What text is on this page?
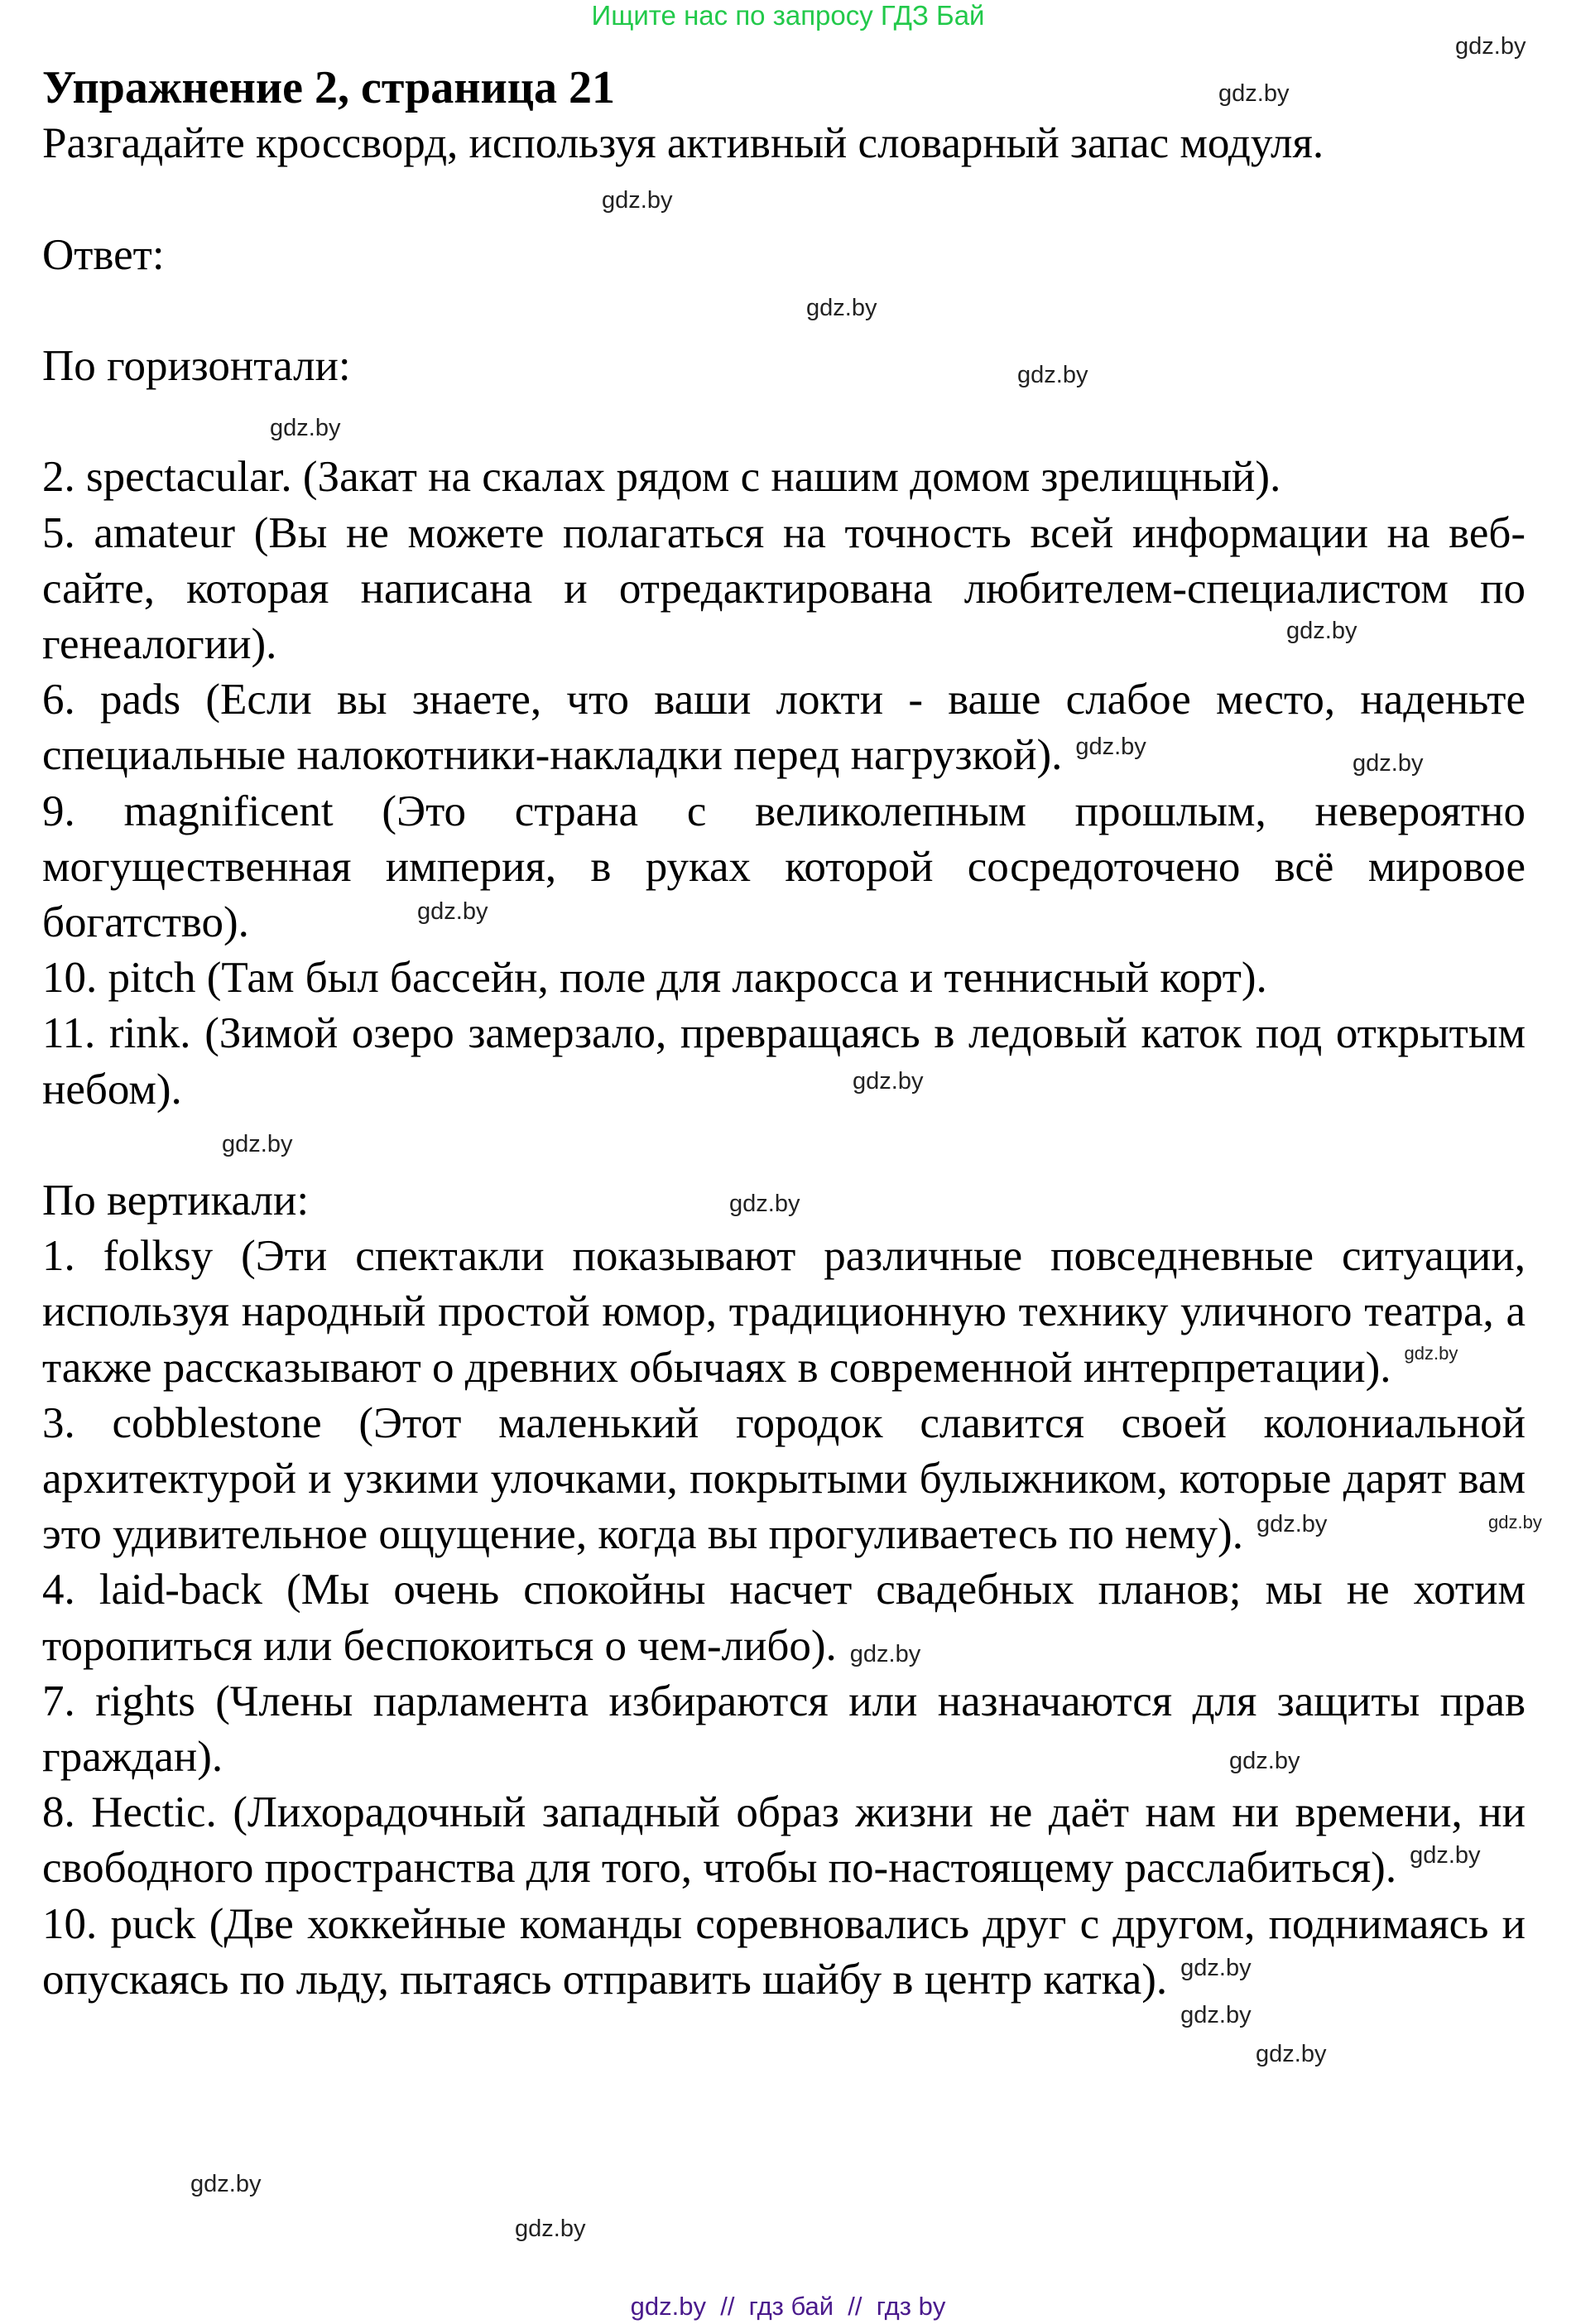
Ищите нас по запросу ГДЗ Бай

Упражнение 2, страница 21

Разгадайте кроссворд, используя активный словарный запас модуля.

Ответ:

По горизонтали:

2. spectacular. (Закат на скалах рядом с нашим домом зрелищный).

5. amateur (Вы не можете полагаться на точность всей информации на веб-сайте, которая написана и отредактирована любителем-специалистом по генеалогии).

6. pads (Если вы знаете, что ваши локти - ваше слабое место, наденьте специальные налокотники-накладки перед нагрузкой).

9. magnificent (Это страна с великолепным прошлым, невероятно могущественная империя, в руках которой сосредоточено всё мировое богатство).

10. pitch (Там был бассейн, поле для лакросса и теннисный корт).

11. rink. (Зимой озеро замерзало, превращаясь в ледовый каток под открытым небом).

По вертикали:

1. folksy (Эти спектакли показывают различные повседневные ситуации, используя народный простой юмор, традиционную технику уличного театра, а также рассказывают о древних обычаях в современной интерпретации).

3. cobblestone (Этот маленький городок славится своей колониальной архитектурой и узкими улочками, покрытыми булыжником, которые дарят вам это удивительное ощущение, когда вы прогуливаетесь по нему).

4. laid-back (Мы очень спокойны насчет свадебных планов; мы не хотим торопиться или беспокоиться о чем-либо).

7. rights (Члены парламента избираются или назначаются для защиты прав граждан).

8. Hectic. (Лихорадочный западный образ жизни не даёт нам ни времени, ни свободного пространства для того, чтобы по-настоящему расслабиться).

10. puck (Две хоккейные команды соревновались друг с другом, поднимаясь и опускаясь по льду, пытаясь отправить шайбу в центр катка).

gdz.by
gdz.by
gdz.by
gdz.by
gdz.by
gdz.by
gdz.by
gdz.by
gdz.by
gdz.by
gdz.by
gdz.by
gdz.by
gdz.by
gdz.by	gdz.by
gdz.by
gdz.by
gdz.by
gdz.by
gdz.by
gdz.by
gdz.by
gdz.by
gdz.by  //  гдз бай  //  гдз by
